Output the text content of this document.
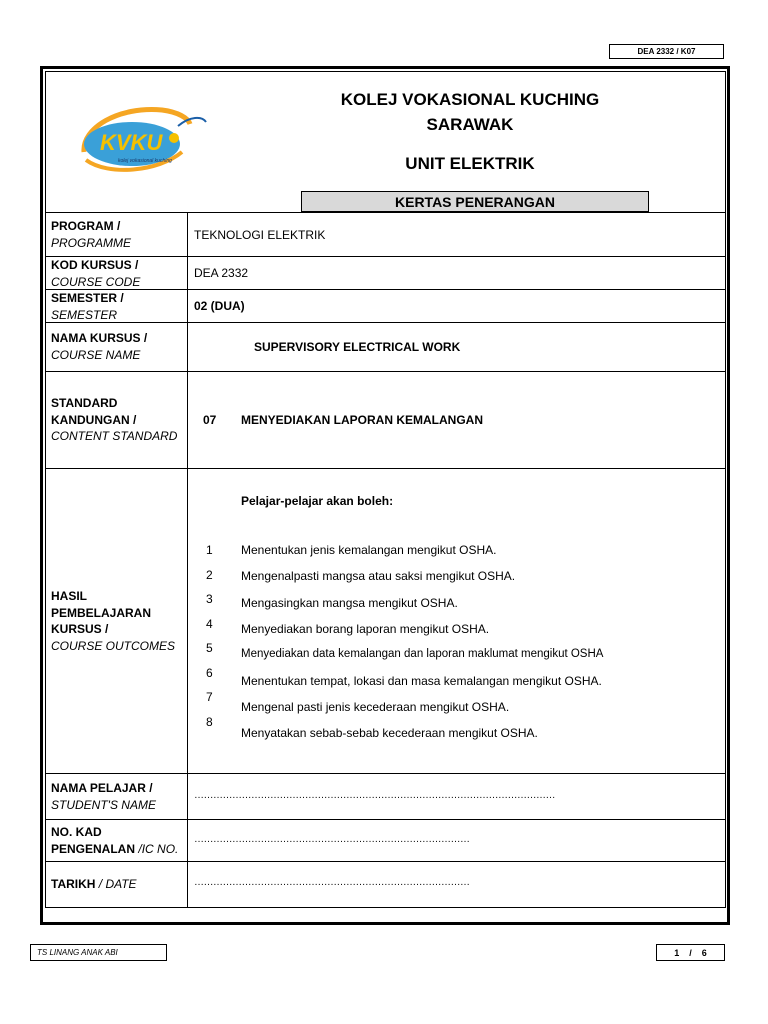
DEA 2332 / K07
KVKU
kolej vokasional kuching
KOLEJ VOKASIONAL KUCHING
SARAWAK
UNIT ELEKTRIK
KERTAS PENERANGAN
PROGRAM /
PROGRAMME
TEKNOLOGI ELEKTRIK
KOD KURSUS /
COURSE CODE
DEA 2332
SEMESTER /
SEMESTER
02 (DUA)
NAMA KURSUS /
COURSE NAME
SUPERVISORY ELECTRICAL WORK
STANDARD
KANDUNGAN /
CONTENT STANDARD
07 MENYEDIAKAN LAPORAN KEMALANGAN
HASIL
PEMBELAJARAN
KURSUS /
COURSE OUTCOMES
Pelajar-pelajar akan boleh:
1 Menentukan jenis kemalangan mengikut OSHA.
2 Mengenalpasti mangsa atau saksi mengikut OSHA.
3 Mengasingkan mangsa mengikut OSHA.
4 Menyediakan borang laporan mengikut OSHA.
5 Menyediakan data kemalangan dan laporan maklumat mengikut OSHA
6
Menentukan tempat, lokasi dan masa kemalangan mengikut OSHA.
7
Mengenal pasti jenis kecederaan mengikut OSHA.
8
Menyatakan sebab-sebab kecederaan mengikut OSHA.
NAMA PELAJAR /
STUDENT'S NAME
……………………………………………………………………………………………………
NO. KAD
PENGENALAN /IC NO.
……………………………………………………………………………
TARIKH / DATE	……………………………………………………………………………
TS LINANG ANAK ABI	1 / 6
